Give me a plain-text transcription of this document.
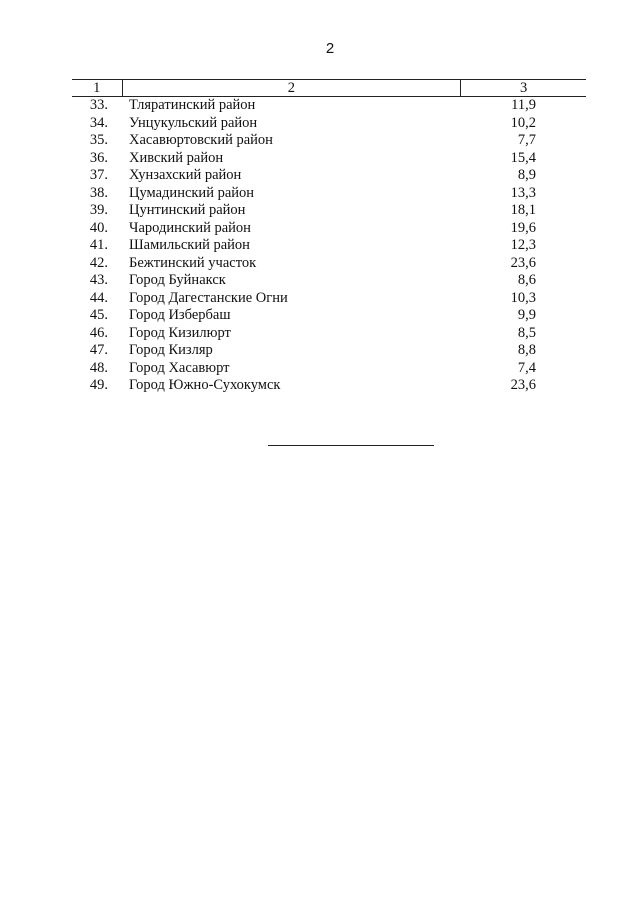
2
1	2	3
33.	Тляратинский район	11,9
34.	Унцукульский район	10,2
35.	Хасавюртовский район	7,7
36.	Хивский район	15,4
37.	Хунзахский район	8,9
38.	Цумадинский район	13,3
39.	Цунтинский район	18,1
40.	Чародинский район	19,6
41.	Шамильский район	12,3
42.	Бежтинский участок	23,6
43.	Город Буйнакск	8,6
44.	Город Дагестанские Огни	10,3
45.	Город Избербаш	9,9
46.	Город Кизилюрт	8,5
47.	Город Кизляр	8,8
48.	Город Хасавюрт	7,4
49.	Город Южно-Сухокумск	23,6
